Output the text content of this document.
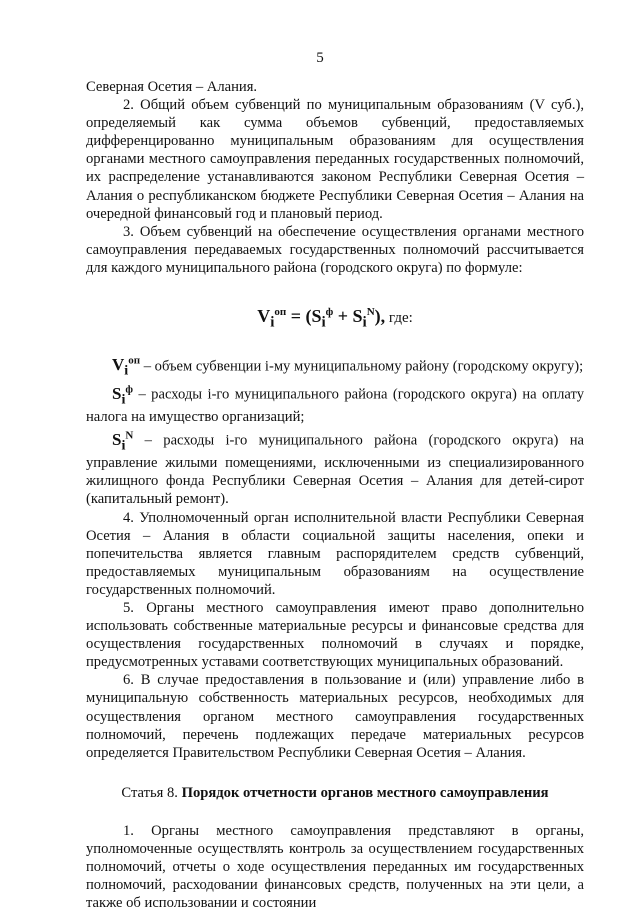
5

Северная Осетия – Алания.

2. Общий объем субвенций по муниципальным образованиям (V суб.), определяемый как сумма объемов субвенций, предоставляемых дифференцированно муниципальным образованиям для осуществления органами местного самоуправления переданных государственных полномочий, их распределение устанавливаются законом Республики Северная Осетия – Алания о республиканском бюджете Республики Северная Осетия – Алания на очередной финансовый год и плановый период.

3. Объем субвенций на обеспечение осуществления органами местного самоуправления передаваемых государственных полномочий рассчитывается для каждого муниципального района (городского округа) по формуле:

$V_i^{оп} = (S_i^ф + S_i^N)$, где:

$V_i^{оп}$ – объем субвенции i-му муниципальному району (городскому округу);

$S_i^ф$ – расходы i-го муниципального района (городского округа) на оплату налога на имущество организаций;

$S_i^N$ – расходы i-го муниципального района (городского округа) на управление жилыми помещениями, исключенными из специализированного жилищного фонда Республики Северная Осетия – Алания для детей-сирот (капитальный ремонт).

4. Уполномоченный орган исполнительной власти Республики Северная Осетия – Алания в области социальной защиты населения, опеки и попечительства является главным распорядителем средств субвенций, предоставляемых муниципальным образованиям на осуществление государственных полномочий.

5. Органы местного самоуправления имеют право дополнительно использовать собственные материальные ресурсы и финансовые средства для осуществления государственных полномочий в случаях и порядке, предусмотренных уставами соответствующих муниципальных образований.

6. В случае предоставления в пользование и (или) управление либо в муниципальную собственность материальных ресурсов, необходимых для осуществления органом местного самоуправления государственных полномочий, перечень подлежащих передаче материальных ресурсов определяется Правительством Республики Северная Осетия – Алания.

Статья 8. Порядок отчетности органов местного самоуправления

1. Органы местного самоуправления представляют в органы, уполномоченные осуществлять контроль за осуществлением государственных полномочий, отчеты о ходе осуществления переданных им государственных полномочий, расходовании финансовых средств, полученных на эти цели, а также об использовании и состоянии
